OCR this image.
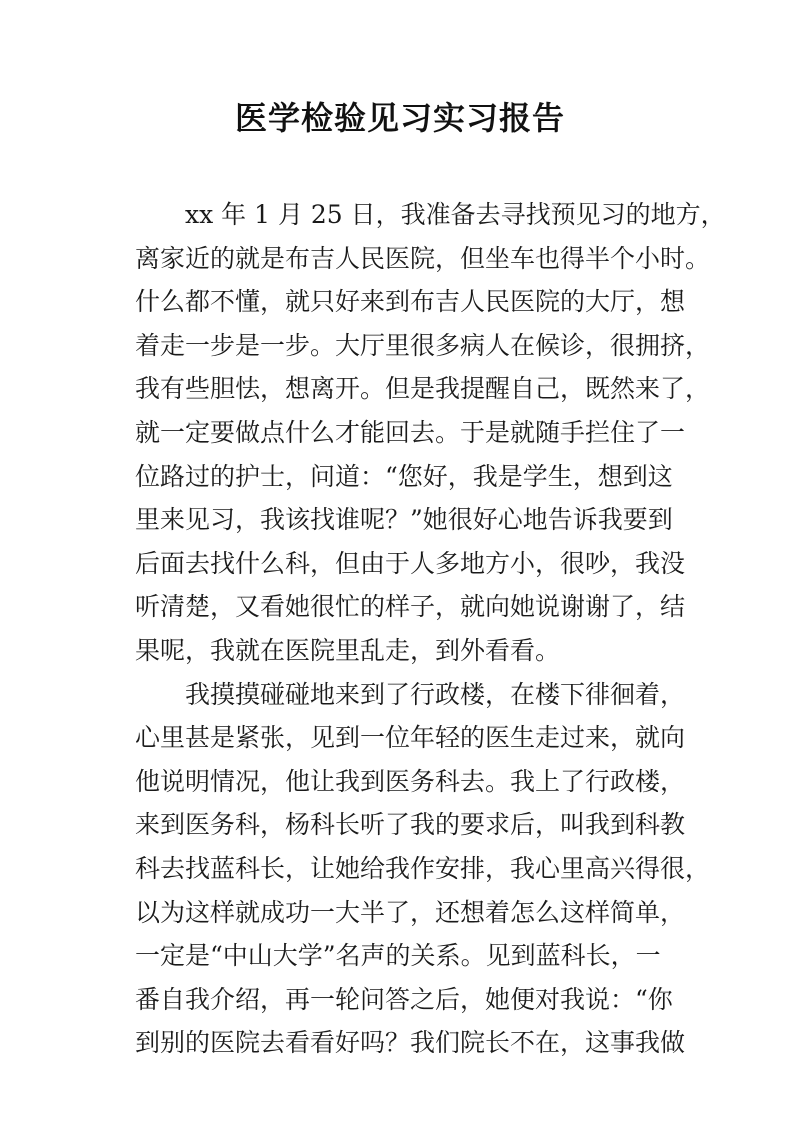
医学检验见习实习报告
xx 年 1 月 25 日，我准备去寻找预见习的地方，
离家近的就是布吉人民医院，但坐车也得半个小时。
什么都不懂，就只好来到布吉人民医院的大厅，想
着走一步是一步。大厅里很多病人在候诊，很拥挤，
我有些胆怯，想离开。但是我提醒自己，既然来了，
就一定要做点什么才能回去。于是就随手拦住了一
位路过的护士，问道：“您好，我是学生，想到这
里来见习，我该找谁呢？”她很好心地告诉我要到
后面去找什么科，但由于人多地方小，很吵，我没
听清楚，又看她很忙的样子，就向她说谢谢了，结
果呢，我就在医院里乱走，到外看看。
我摸摸碰碰地来到了行政楼，在楼下徘徊着，
心里甚是紧张，见到一位年轻的医生走过来，就向
他说明情况，他让我到医务科去。我上了行政楼，
来到医务科，杨科长听了我的要求后，叫我到科教
科去找蓝科长，让她给我作安排，我心里高兴得很，
以为这样就成功一大半了，还想着怎么这样简单，
一定是“中山大学”名声的关系。见到蓝科长，一
番自我介绍，再一轮问答之后，她便对我说：“你
到别的医院去看看好吗？我们院长不在，这事我做
